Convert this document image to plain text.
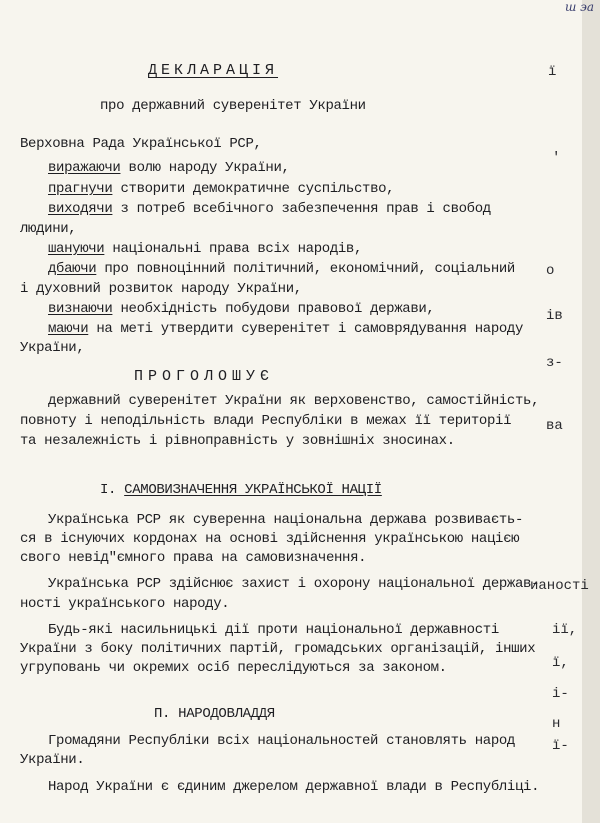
ш эа
ДЕКЛАРАЦІЯ
про державний суверенітет України
Верховна Рада Української РСР,
виражаючи волю народу України,
прагнучи створити демократичне суспільство,
виходячи з потреб всебічного забезпечення прав і свобод
людини,
шануючи національні права всіх народів,
дбаючи про повноцінний політичний, економічний, соціальний
і духовний розвиток народу України,
визнаючи необхідність побудови правової держави,
маючи на меті утвердити суверенітет і самоврядування народу
України,
ПРОГОЛОШУЄ
державний суверенітет України як верховенство, самостійність,
повноту і неподільність влади Республіки в межах її території
та незалежність і рівноправність у зовнішніх зносинах.
I. САМОВИЗНАЧЕННЯ УКРАЇНСЬКОЇ НАЦІЇ
Українська РСР як суверенна національна держава розвиваєть-
ся в існуючих кордонах на основі здійснення українською нацією
свого невід"ємного права на самовизначення.
Українська РСР здійснює захист і охорону національної держав-
ності українського народу.
Будь-які насильницькі дії проти національної державності
України з боку політичних партій, громадських організацій, інших
угруповань чи окремих осіб переслідуються за законом.
П. НАРОДОВЛАДДЯ
Громадяни Республіки всіх національностей становлять народ
України.
Народ України є єдиним джерелом державної влади в Республіці.
ї
'
о
ів
з-
ва
ианості
ії,
ї,
і-
н
ї-
